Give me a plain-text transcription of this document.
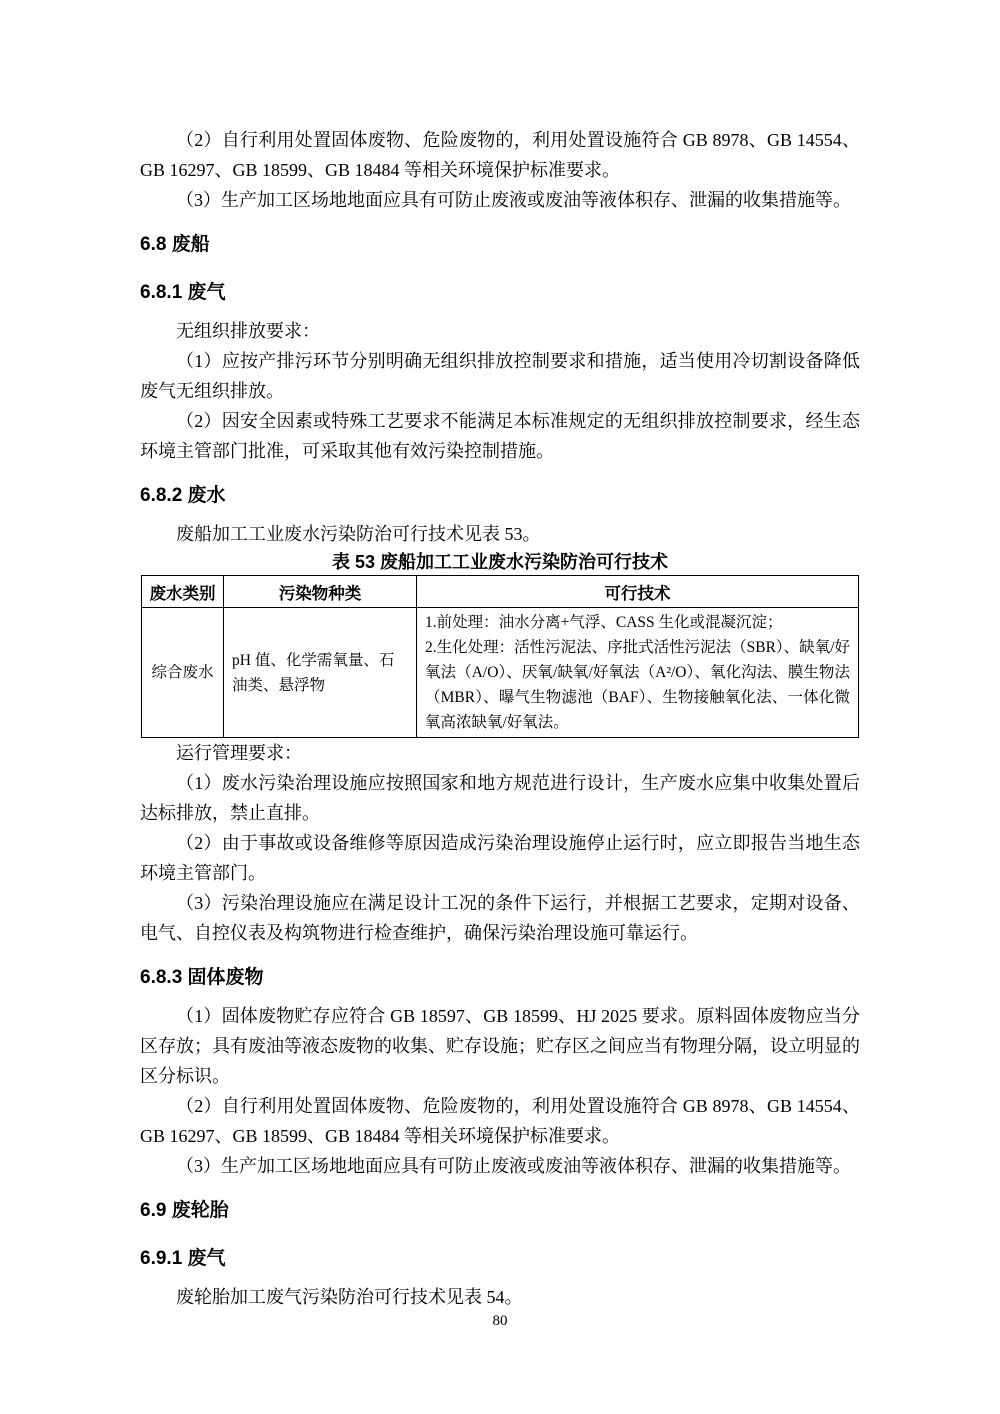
（2）自行利用处置固体废物、危险废物的，利用处置设施符合 GB 8978、GB 14554、GB 16297、GB 18599、GB 18484 等相关环境保护标准要求。

（3）生产加工区场地地面应具有可防止废液或废油等液体积存、泄漏的收集措施等。

6.8 废船
6.8.1 废气

无组织排放要求：

（1）应按产排污环节分别明确无组织排放控制要求和措施，适当使用冷切割设备降低废气无组织排放。

（2）因安全因素或特殊工艺要求不能满足本标准规定的无组织排放控制要求，经生态环境主管部门批准，可采取其他有效污染控制措施。

6.8.2 废水

废船加工工业废水污染防治可行技术见表 53。

表 53 废船加工工业废水污染防治可行技术
废水类别	污染物种类	可行技术
综合废水	pH 值、化学需氧量、石油类、悬浮物	1.前处理：油水分离+气浮、CASS 生化或混凝沉淀；
2.生化处理：活性污泥法、序批式活性污泥法（SBR）、缺氧/好氧法（A/O）、厌氧/缺氧/好氧法（A²/O）、氧化沟法、膜生物法（MBR）、曝气生物滤池（BAF）、生物接触氧化法、一体化微氧高浓缺氧/好氧法。

运行管理要求：

（1）废水污染治理设施应按照国家和地方规范进行设计，生产废水应集中收集处置后达标排放，禁止直排。

（2）由于事故或设备维修等原因造成污染治理设施停止运行时，应立即报告当地生态环境主管部门。

（3）污染治理设施应在满足设计工况的条件下运行，并根据工艺要求，定期对设备、电气、自控仪表及构筑物进行检查维护，确保污染治理设施可靠运行。

6.8.3 固体废物

（1）固体废物贮存应符合 GB 18597、GB 18599、HJ 2025 要求。原料固体废物应当分区存放；具有废油等液态废物的收集、贮存设施；贮存区之间应当有物理分隔，设立明显的区分标识。

（2）自行利用处置固体废物、危险废物的，利用处置设施符合 GB 8978、GB 14554、GB 16297、GB 18599、GB 18484 等相关环境保护标准要求。

（3）生产加工区场地地面应具有可防止废液或废油等液体积存、泄漏的收集措施等。

6.9 废轮胎
6.9.1 废气

废轮胎加工废气污染防治可行技术见表 54。

80
